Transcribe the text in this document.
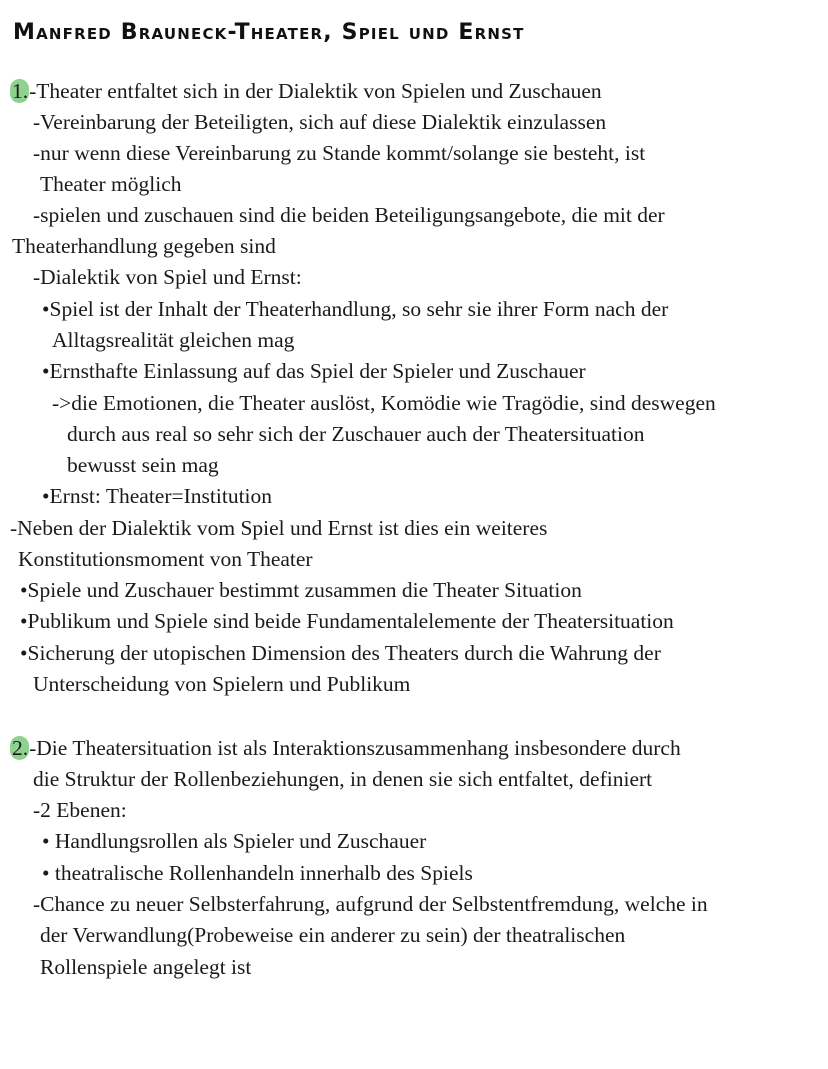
Manfred Brauneck-Theater, Spiel und Ernst
1.-Theater entfaltet sich in der Dialektik von Spielen und Zuschauen
-Vereinbarung der Beteiligten, sich auf diese Dialektik einzulassen
-nur wenn diese Vereinbarung zu Stande kommt/solange sie besteht, ist
Theater möglich
-spielen und zuschauen sind die beiden Beteiligungsangebote, die mit der
Theaterhandlung gegeben sind
-Dialektik von Spiel und Ernst:
•Spiel ist der Inhalt der Theaterhandlung, so sehr sie ihrer Form nach der
Alltagsrealität gleichen mag
•Ernsthafte Einlassung auf das Spiel der Spieler und Zuschauer
->die Emotionen, die Theater auslöst, Komödie wie Tragödie, sind deswegen
durch aus real so sehr sich der Zuschauer auch der Theatersituation
bewusst sein mag
•Ernst: Theater=Institution
-Neben der Dialektik vom Spiel und Ernst ist dies ein weiteres
Konstitutionsmoment von Theater
•Spiele und Zuschauer bestimmt zusammen die Theater Situation
•Publikum und Spiele sind beide Fundamentalelemente der Theatersituation
•Sicherung der utopischen Dimension des Theaters durch die Wahrung der
Unterscheidung von Spielern und Publikum
2.-Die Theatersituation ist als Interaktionszusammenhang insbesondere durch
die Struktur der Rollenbeziehungen, in denen sie sich entfaltet, definiert
-2 Ebenen:
• Handlungsrollen als Spieler und Zuschauer
• theatralische Rollenhandeln innerhalb des Spiels
-Chance zu neuer Selbsterfahrung, aufgrund der Selbstentfremdung, welche in
der Verwandlung(Probeweise ein anderer zu sein) der theatralischen
Rollenspiele angelegt ist
